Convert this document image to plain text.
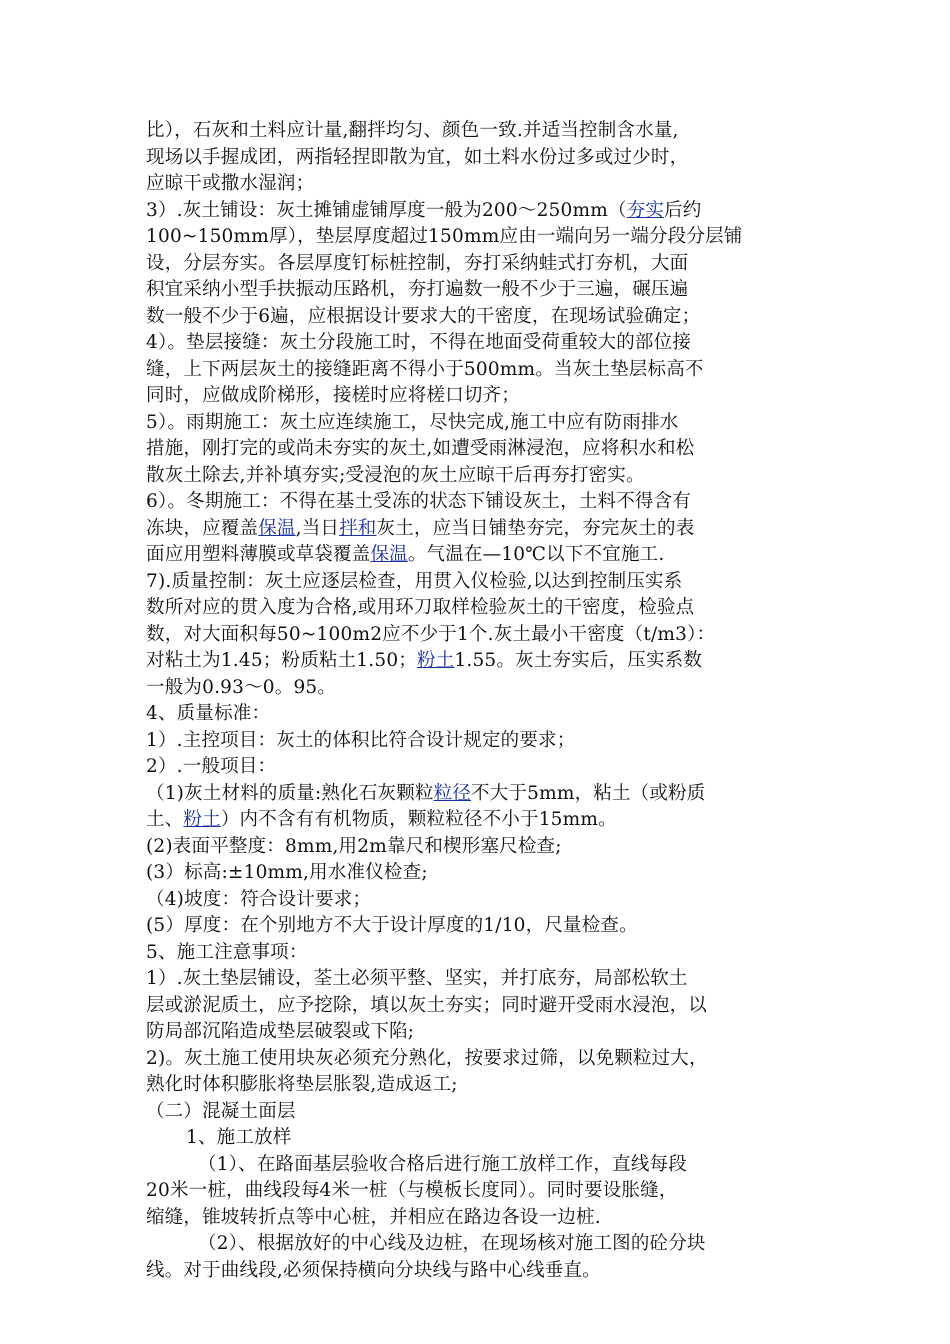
比），石灰和土料应计量,翻拌均匀、颜色一致.并适当控制含水量,
现场以手握成团，两指轻捏即散为宜，如土料水份过多或过少时，
应晾干或撒水湿润；
3）.灰土铺设：灰土摊铺虚铺厚度一般为200～250mm（夯实后约
100~150mm厚），垫层厚度超过150mm应由一端向另一端分段分层铺
设，分层夯实。各层厚度钉标桩控制，夯打采纳蛙式打夯机，大面
积宜采纳小型手扶振动压路机，夯打遍数一般不少于三遍，碾压遍
数一般不少于6遍，应根据设计要求大的干密度，在现场试验确定；
4）。垫层接缝：灰土分段施工时，不得在地面受荷重较大的部位接
缝，上下两层灰土的接缝距离不得小于500mm。当灰土垫层标高不
同时，应做成阶梯形，接槎时应将槎口切齐；
5）。雨期施工：灰土应连续施工，尽快完成,施工中应有防雨排水
措施，刚打完的或尚未夯实的灰土,如遭受雨淋浸泡，应将积水和松
散灰土除去,并补填夯实;受浸泡的灰土应晾干后再夯打密实。
6）。冬期施工：不得在基土受冻的状态下铺设灰土，土料不得含有
冻块，应覆盖保温,当日拌和灰土，应当日铺垫夯完，夯完灰土的表
面应用塑料薄膜或草袋覆盖保温。气温在—10℃以下不宜施工.
7).质量控制：灰土应逐层检查，用贯入仪检验,以达到控制压实系
数所对应的贯入度为合格,或用环刀取样检验灰土的干密度，检验点
数，对大面积每50~100m2应不少于1个.灰土最小干密度（t/m3）：
对粘土为1.45；粉质粘土1.50；粉土1.55。灰土夯实后，压实系数
一般为0.93～0。95。
4、质量标准：
1）.主控项目：灰土的体积比符合设计规定的要求；
2）.一般项目：
（1)灰土材料的质量:熟化石灰颗粒粒径不大于5mm，粘土（或粉质
土、粉土）内不含有有机物质，颗粒粒径不小于15mm。
(2)表面平整度：8mm,用2m靠尺和楔形塞尺检查;
(3）标高:±10mm,用水准仪检查;
（4)坡度：符合设计要求；
(5）厚度：在个别地方不大于设计厚度的1/10，尺量检查。
5、施工注意事项：
1）.灰土垫层铺设，荃土必须平整、坚实，并打底夯，局部松软土
层或淤泥质土，应予挖除，填以灰土夯实；同时避开受雨水浸泡，以
防局部沉陷造成垫层破裂或下陷;
2)。灰土施工使用块灰必须充分熟化，按要求过筛，以免颗粒过大，
熟化时体积膨胀将垫层胀裂,造成返工;
（二）混凝土面层
1、施工放样
（1）、在路面基层验收合格后进行施工放样工作，直线每段
20米一桩，曲线段每4米一桩（与模板长度同）。同时要设胀缝，
缩缝，锥坡转折点等中心桩，并相应在路边各设一边桩.
（2）、根据放好的中心线及边桩，在现场核对施工图的砼分块
线。对于曲线段,必须保持横向分块线与路中心线垂直。
